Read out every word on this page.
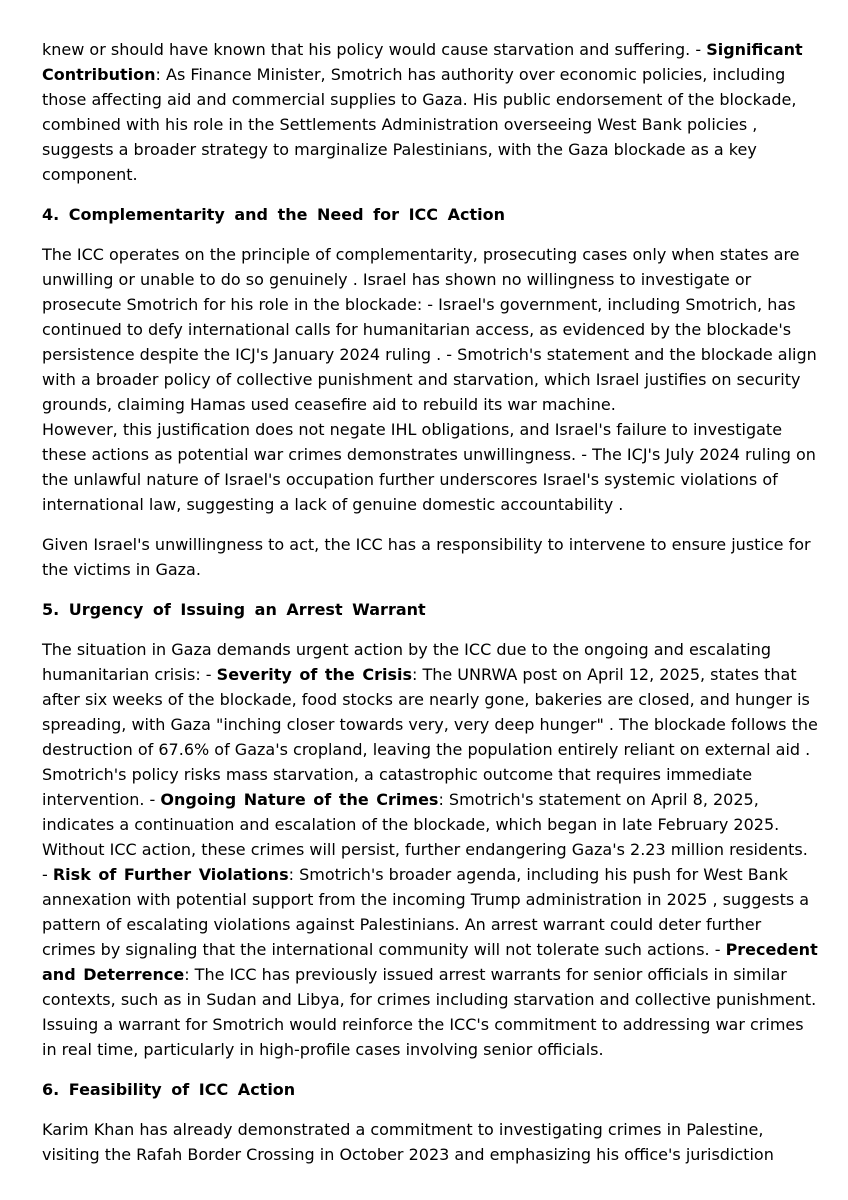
knew or should have known that his policy would cause starvation and suffering. - Significant Contribution: As Finance Minister, Smotrich has authority over economic policies, including those affecting aid and commercial supplies to Gaza. His public endorsement of the blockade, combined with his role in the Settlements Administration overseeing West Bank policies , suggests a broader strategy to marginalize Palestinians, with the Gaza blockade as a key component.

4. Complementarity and the Need for ICC Action

The ICC operates on the principle of complementarity, prosecuting cases only when states are unwilling or unable to do so genuinely . Israel has shown no willingness to investigate or prosecute Smotrich for his role in the blockade: - Israel's government, including Smotrich, has continued to defy international calls for humanitarian access, as evidenced by the blockade's persistence despite the ICJ's January 2024 ruling . - Smotrich's statement and the blockade align with a broader policy of collective punishment and starvation, which Israel justifies on security grounds, claiming Hamas used ceasefire aid to rebuild its war machine.
However, this justification does not negate IHL obligations, and Israel's failure to investigate these actions as potential war crimes demonstrates unwillingness. - The ICJ's July 2024 ruling on the unlawful nature of Israel's occupation further underscores Israel's systemic violations of international law, suggesting a lack of genuine domestic accountability .

Given Israel's unwillingness to act, the ICC has a responsibility to intervene to ensure justice for the victims in Gaza.

5. Urgency of Issuing an Arrest Warrant

The situation in Gaza demands urgent action by the ICC due to the ongoing and escalating humanitarian crisis: - Severity of the Crisis: The UNRWA post on April 12, 2025, states that after six weeks of the blockade, food stocks are nearly gone, bakeries are closed, and hunger is spreading, with Gaza "inching closer towards very, very deep hunger" . The blockade follows the destruction of 67.6% of Gaza's cropland, leaving the population entirely reliant on external aid . Smotrich's policy risks mass starvation, a catastrophic outcome that requires immediate intervention. - Ongoing Nature of the Crimes: Smotrich's statement on April 8, 2025, indicates a continuation and escalation of the blockade, which began in late February 2025. Without ICC action, these crimes will persist, further endangering Gaza's 2.23 million residents. - Risk of Further Violations: Smotrich's broader agenda, including his push for West Bank annexation with potential support from the incoming Trump administration in 2025 , suggests a pattern of escalating violations against Palestinians. An arrest warrant could deter further crimes by signaling that the international community will not tolerate such actions. - Precedent and Deterrence: The ICC has previously issued arrest warrants for senior officials in similar contexts, such as in Sudan and Libya, for crimes including starvation and collective punishment. Issuing a warrant for Smotrich would reinforce the ICC's commitment to addressing war crimes in real time, particularly in high-profile cases involving senior officials.

6. Feasibility of ICC Action

Karim Khan has already demonstrated a commitment to investigating crimes in Palestine, visiting the Rafah Border Crossing in October 2023 and emphasizing his office's jurisdiction
